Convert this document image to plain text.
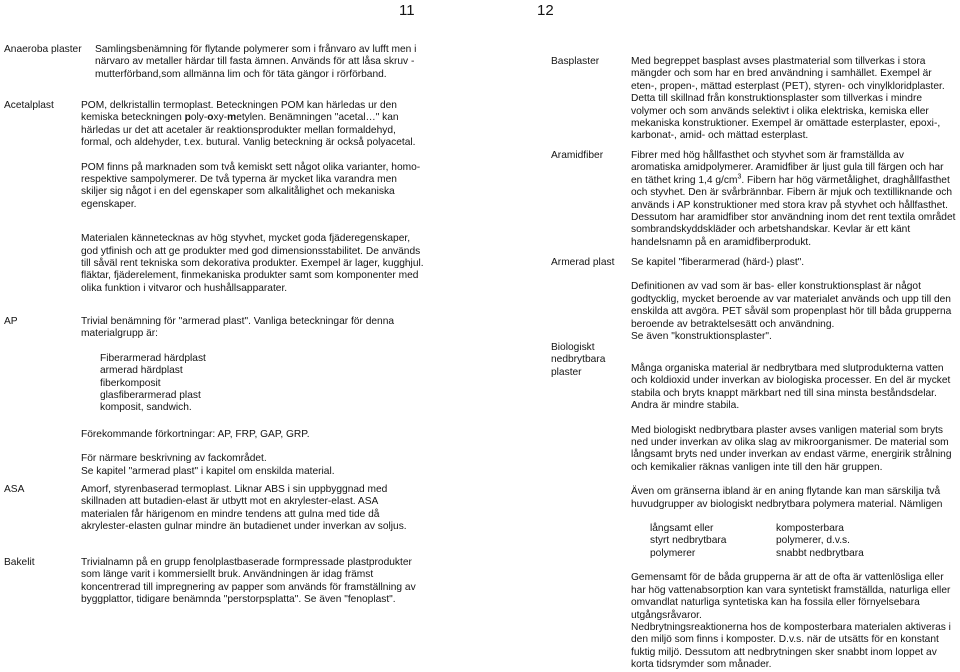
11	12
Anaeroba plaster	Samlingsbenämning för flytande polymerer som i frånvaro av lufft men i närvaro av metaller härdar till fasta ämnen. Används för att låsa skruv - mutterförband,som allmänna lim och för täta gängor i rörförband.
Acetalplast	POM, delkristallin termoplast. Beteckningen POM kan härledas ur den kemiska beteckningen poly-oxy-metylen. Benämningen "acetal…" kan härledas ur det att acetaler är reaktionsprodukter mellan formaldehyd, formal, och aldehyder, t.ex. butural. Vanlig beteckning är också polyacetal.

POM finns på marknaden som två kemiskt sett något olika varianter, homo- respektive sampolymerer. De två typerna är mycket lika varandra men skiljer sig något i en del egenskaper som alkalitålighet och mekaniska egenskaper.

Materialen kännetecknas av hög styvhet, mycket goda fjäderegenskaper, god ytfinish och att ge produkter med god dimensionsstabilitet. De används till såväl rent tekniska som dekorativa produkter. Exempel är lager, kugghjul. fläktar, fjäderelement, finmekaniska produkter samt som komponenter med olika funktion i vitvaror och hushållsapparater.

AP	Trivial benämning för "armerad plast". Vanliga beteckningar för denna materialgrupp är:

Fiberarmerad härdplast

armerad härdplast

fiberkomposit

glasfiberarmerad plast

komposit, sandwich.

Förekommande förkortningar: AP, FRP, GAP, GRP.

För närmare beskrivning av fackområdet.

Se kapitel "armerad plast" i kapitel om enskilda material.

ASA	Amorf, styrenbaserad termoplast. Liknar ABS i sin uppbyggnad med skillnaden att butadien-elast är utbytt mot en akrylester-elast. ASA materialen får härigenom en mindre tendens att gulna med tide då akrylester-elasten gulnar mindre än butadienet under inverkan av soljus.
Bakelit	Trivialnamn på en grupp fenolplastbaserade formpressade plastprodukter som länge varit i kommersiellt bruk. Användningen är idag främst koncentrerad till impregnering av papper som används för framställning av byggplattor, tidigare benämnda "perstorpsplatta". Se även "fenoplast".
Basplaster	Med begreppet basplast avses plastmaterial som tillverkas i stora mängder och som har en bred användning i samhället. Exempel är eten-, propen-, mättad esterplast (PET), styren- och vinylkloridplaster. Detta till skillnad från konstruktionsplaster som tillverkas i mindre volymer och som används selektivt i olika elektriska, kemiska eller mekaniska konstruktioner. Exempel är omättade esterplaster, epoxi-, karbonat-, amid- och mättad esterplast.
Aramidfiber	Fibrer med hög hållfasthet och styvhet som är framställda av aromatiska amidpolymerer. Aramidfiber är ljust gula till färgen och har en täthet kring 1,4 $g/cm^3$. Fibern har hög värmetålighet, draghållfasthet och styvhet. Den är svårbrännbar. Fibern är mjuk och textilliknande och används i AP konstruktioner med stora krav på styvhet och hållfasthet. Dessutom har aramidfiber stor användning inom det rent textila området sombrandskyddskläder och arbetshandskar. Kevlar är ett känt handelsnamn på en aramidfiberprodukt.
Armerad plast	Se kapitel "fiberarmerad (härd-) plast".

Definitionen av vad som är bas- eller konstruktionsplast är något godtycklig, mycket beroende av var materialet används och upp till den enskilda att avgöra. PET såväl som propenplast hör till båda grupperna beroende av betraktelsesätt och användning.

Se även "konstruktionsplaster".

Biologiskt nedbrytbara plaster	Många organiska material är nedbrytbara med slutprodukterna vatten och koldioxid under inverkan av biologiska processer. En del är mycket stabila och bryts knappt märkbart ned till sina minsta beståndsdelar. Andra är mindre stabila.

Med biologiskt nedbrytbara plaster avses vanligen material som bryts ned under inverkan av olika slag av mikroorganismer. De material som långsamt bryts ned under inverkan av endast värme, energirik strålning och kemikalier räknas vanligen inte till den här gruppen.

Även om gränserna ibland är en aning flytande kan man särskilja två huvudgrupper av biologiskt nedbrytbara polymera material. Nämligen

långsamt eller	komposterbara
styrt nedbrytbara	polymerer, d.v.s.
polymerer	snabbt nedbrytbara

Gemensamt för de båda grupperna är att de ofta är vattenlösliga eller har hög vattenabsorption kan vara syntetiskt framställda, naturliga eller omvandlat naturliga syntetiska kan ha fossila eller förnyelsebara utgångsråvaror.

Nedbrytningsreaktionerna hos de komposterbara materialen aktiveras i den miljö som finns i komposter. D.v.s. när de utsätts för en konstant fuktig miljö. Dessutom att nedbrytningen sker snabbt inom loppet av korta tidsrymder som månader.
